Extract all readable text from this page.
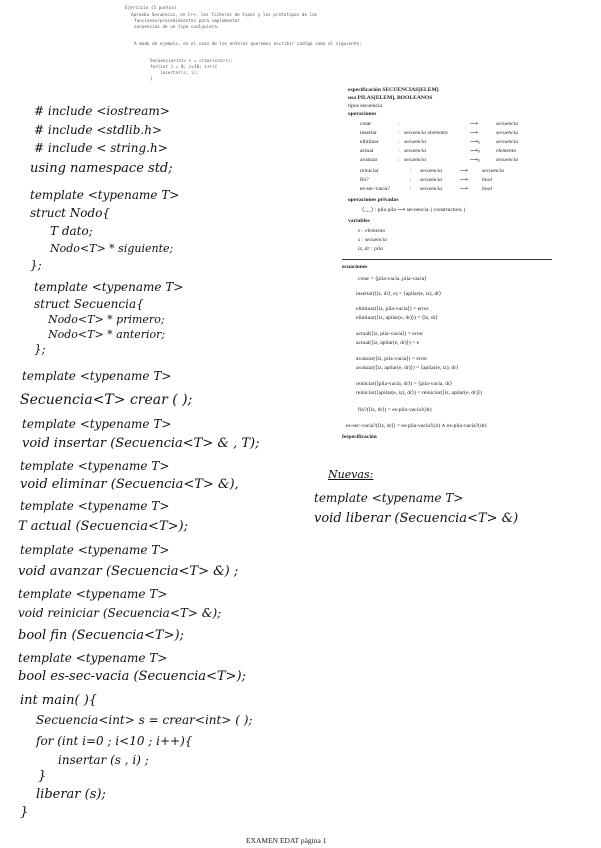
Ejercicio (5 puntos)
Aprueba Secuencia, en C++, los ficheros de tipos y los prototipos de las
funciones/procedimientos para implementar
secuencias de un tipo cualquiera.
A modo de ejemplo, en el caso de los enteros queremos escribir codigo como el siguiente:
Secuencia<int> s = crear<int>();
for(int i = 0; i<10; i++){
insertar(s, i);
}
# include <iostream>
# include <stdlib.h>
# include < string.h>
using namespace std;
template <typename T>
struct Nodo{
T dato;
Nodo<T> * siguiente;
};
template <typename T>
struct Secuencia{
Nodo<T> * primero;
Nodo<T> * anterior;
};
template <typename T>
Secuencia<T> crear ( );
template <typename T>
void insertar (Secuencia<T> & , T);
template <typename T>
void eliminar (Secuencia<T> &),
template <typename T>
T actual (Secuencia<T>);
template <typename T>
void avanzar (Secuencia<T> &) ;
template <typename T>
void reiniciar (Secuencia<T> &);
bool fin (Secuencia<T>);
template <typename T>
bool es-sec-vacia (Secuencia<T>);
int main( ){
Secuencia<int> s = crear<int> ( );
for (int i=0 ; i<10 ; i++){
insertar (s , i) ;
}
liberar (s);
}
especificación SECUENCIAS[ELEM]
usa PILAS[ELEM], BOOLEANOS
tipos secuencia
operaciones
crear	:	⟶	secuencia
insertar	: secuencia elemento	⟶	secuencia
eliminar	: secuencia	⟶ₚ	secuencia
actual	: secuencia	⟶ₚ	elemento
avanzar	: secuencia	⟶ₚ	secuencia
reiniciar	: secuencia	⟶ secuencia
fin?	: secuencia	⟶ bool
es-sec-vacía?	: secuencia	⟶ bool
operaciones privadas
⟨_,_⟩ : pila pila ⟶ secuencia { constructora }
variables
e : elemento
s : secuencia
iz, dr : pila
ecuaciones
crear = ⟨pila-vacía, pila-vacía⟩
insertar(⟨iz, dr⟩, e) = ⟨apilar(e, iz), dr⟩
eliminar(⟨iz, pila-vacía⟩) = error
eliminar(⟨iz, apilar(e, dr)⟩) = ⟨iz, dr⟩
actual(⟨iz, pila-vacía⟩) = error
actual(⟨iz, apilar(e, dr)⟩) = e
avanzar(⟨iz, pila-vacía⟩) = error
avanzar(⟨iz, apilar(e, dr)⟩) = ⟨apilar(e, iz), dr⟩
reiniciar(⟨pila-vacía, dr⟩) = ⟨pila-vacía, dr⟩
reiniciar(⟨apilar(e, iz), dr⟩) = reiniciar(⟨iz, apilar(e, dr)⟩)
fin?(⟨iz, dr⟩) = es-pila-vacía?(dr)
es-sec-vacía?(⟨iz, dr⟩) = es-pila-vacía?(iz) ∧ es-pila-vacía?(dr)
fespecificación
Nuevas:
template <typename T>
void liberar (Secuencia<T> &)
EXAMEN EDAT página 1
